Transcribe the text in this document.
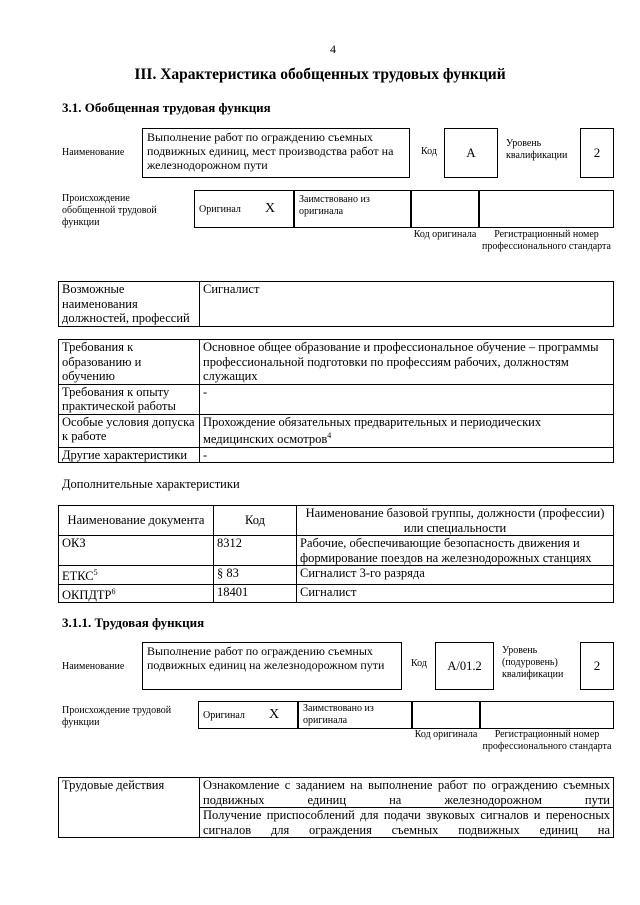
4
III. Характеристика обобщенных трудовых функций
3.1. Обобщенная трудовая функция
Наименование
Выполнение работ по ограждению съемных подвижных единиц, мест производства работ на железнодорожном пути
Код	A
Уровень квалификации	2
Происхождение обобщенной трудовой функции
Оригинал X
Заимствовано из оригинала
Код оригинала	Регистрационный номер профессионального стандарта
Возможные наименования должностей, профессий	Сигналист
Требования к образованию и обучению	Основное общее образование и профессиональное обучение – программы профессиональной подготовки по профессиям рабочих, должностям служащих
Требования к опыту практической работы	-
Особые условия допуска к работе	Прохождение обязательных предварительных и периодических медицинских осмотров$^4$
Другие характеристики	-
Дополнительные характеристики
Наименование документа	Код	Наименование базовой группы, должности (профессии) или специальности
ОКЗ	8312	Рабочие, обеспечивающие безопасность движения и формирование поездов на железнодорожных станциях
ЕТКС$^5$	§ 83	Сигналист 3-го разряда
ОКПДТР$^6$	18401	Сигналист
3.1.1. Трудовая функция
Наименование
Выполнение работ по ограждению съемных подвижных единиц на железнодорожном пути	Код	A/01.2
Уровень (подуровень) квалификации
2
Происхождение трудовой функции
Оригинал X	Заимствовано из оригинала
Код оригинала	Регистрационный номер профессионального стандарта
Трудовые действия	Ознакомление с заданием на выполнение работ по ограждению съемных подвижных единиц на железнодорожном пути
Получение приспособлений для подачи звуковых сигналов и переносных сигналов для ограждения съемных подвижных единиц на
